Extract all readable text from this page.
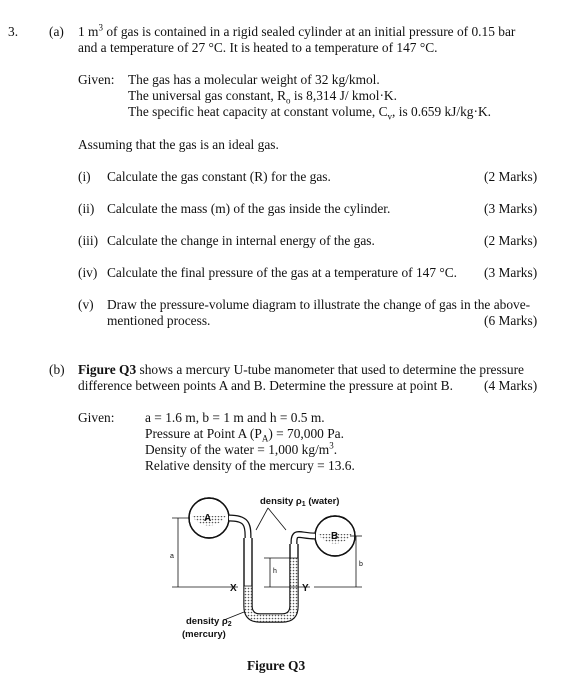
3. (a) 1 $m^3$ of gas is contained in a rigid sealed cylinder at an initial pressure of 0.15 bar
and a temperature of 27 °C. It is heated to a temperature of 147 °C.
Given: The gas has a molecular weight of 32 kg/kmol.
The universal gas constant, $R_o$ is 8,314 J/ kmol·K.
The specific heat capacity at constant volume, $C_v$, is 0.659 kJ/kg·K.
Assuming that the gas is an ideal gas.
(i) Calculate the gas constant (R) for the gas.	(2 Marks)
(ii) Calculate the mass (m) of the gas inside the cylinder.	(3 Marks)
(iii) Calculate the change in internal energy of the gas.	(2 Marks)
(iv) Calculate the final pressure of the gas at a temperature of 147 °C. (3 Marks)
(v) Draw the pressure-volume diagram to illustrate the change of gas in the above-
mentioned process.	(6 Marks)
(b) Figure Q3 shows a mercury U-tube manometer that used to determine the pressure
difference between points A and B. Determine the pressure at point B. (4 Marks)
Given: a = 1.6 m, b = 1 m and h = 0.5 m.
Pressure at Point A $(P_A) = 70,000$ Pa.
Density of the water = 1,000 $kg/m^3$.
Relative density of the mercury = 13.6.
density $\rho_1$ (water)
A
B
a
X
h
Y
b
density $\rho_2$
(mercury)
Figure Q3
